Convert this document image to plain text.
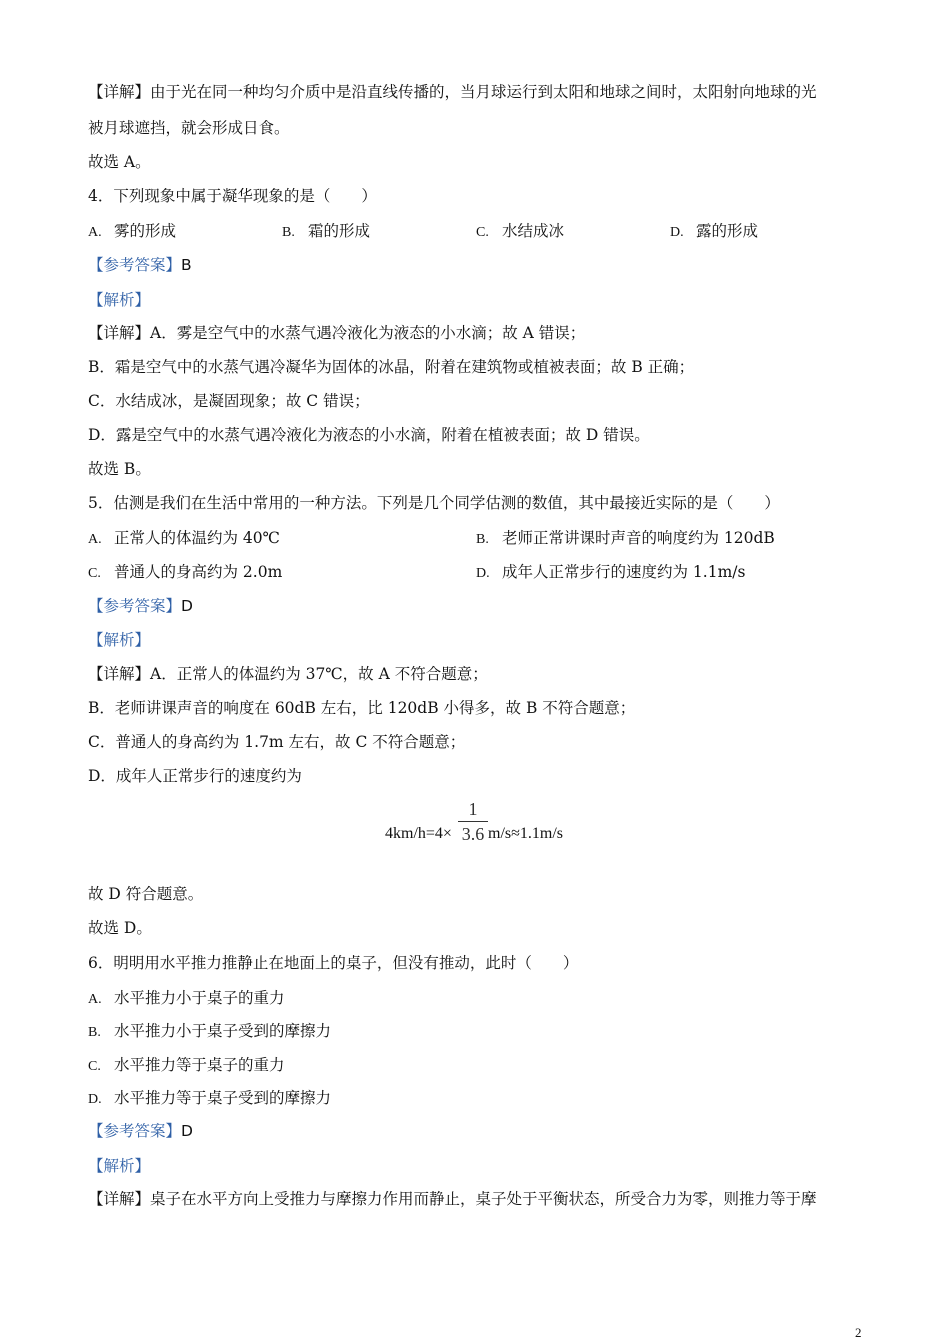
【详解】由于光在同一种均匀介质中是沿直线传播的，当月球运行到太阳和地球之间时，太阳射向地球的光
被月球遮挡，就会形成日食。
故选 A。
4．下列现象中属于凝华现象的是（　　）
A. 雾的形成	B. 霜的形成	C. 水结成冰	D. 露的形成
【参考答案】B
【解析】
【详解】A．雾是空气中的水蒸气遇冷液化为液态的小水滴；故 A 错误；
B．霜是空气中的水蒸气遇冷凝华为固体的冰晶，附着在建筑物或植被表面；故 B 正确；
C．水结成冰，是凝固现象；故 C 错误；
D．露是空气中的水蒸气遇冷液化为液态的小水滴，附着在植被表面；故 D 错误。
故选 B。
5．估测是我们在生活中常用的一种方法。下列是几个同学估测的数值，其中最接近实际的是（　　）
A. 正常人的体温约为 40℃	B. 老师正常讲课时声音的响度约为 120dB
C. 普通人的身高约为 2.0m	D. 成年人正常步行的速度约为 1.1m/s
【参考答案】D
【解析】
【详解】A．正常人的体温约为 37℃，故 A 不符合题意；
B．老师讲课声音的响度在 60dB 左右，比 120dB 小得多，故 B 不符合题意；
C．普通人的身高约为 1.7m 左右，故 C 不符合题意；
D．成年人正常步行的速度约为
4km/h=4×
1
3.6 m/s≈1.1m/s
故 D 符合题意。
故选 D。
6．明明用水平推力推静止在地面上的桌子，但没有推动，此时（　　）
A. 水平推力小于桌子的重力
B. 水平推力小于桌子受到的摩擦力
C. 水平推力等于桌子的重力
D. 水平推力等于桌子受到的摩擦力
【参考答案】D
【解析】
【详解】桌子在水平方向上受推力与摩擦力作用而静止，桌子处于平衡状态，所受合力为零，则推力等于摩
2
